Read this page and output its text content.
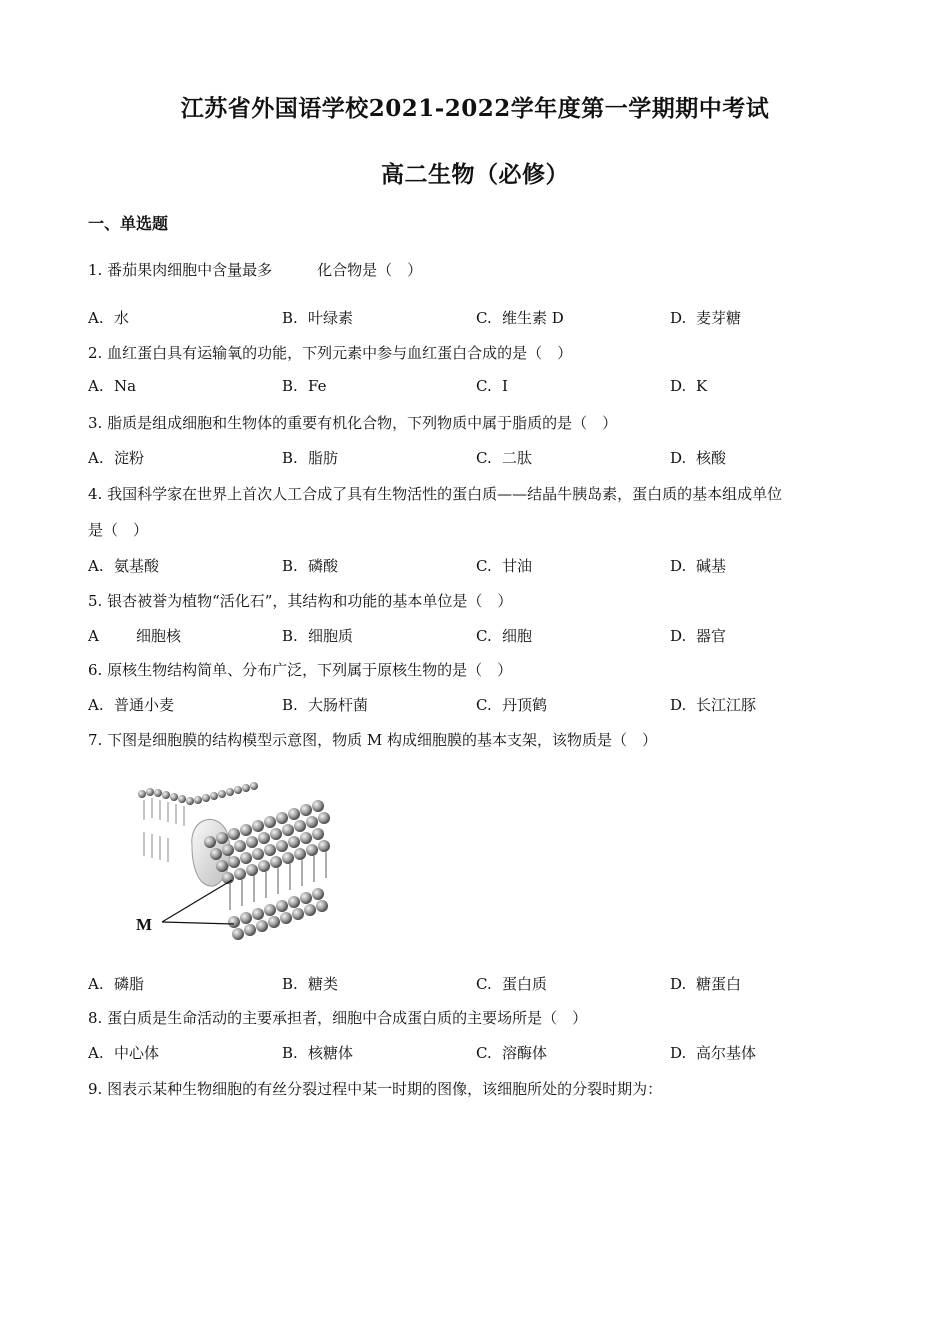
江苏省外国语学校2021-2022学年度第一学期期中考试
高二生物（必修）
一、单选题
1. 番茄果肉细胞中含量最多　　　化合物是（　）
A. 水	B. 叶绿素	C. 维生素 D	D. 麦芽糖
2. 血红蛋白具有运输氧的功能，下列元素中参与血红蛋白合成的是（　）
A. Na	B. Fe	C. I	D. K
3. 脂质是组成细胞和生物体的重要有机化合物，下列物质中属于脂质的是（　）
A. 淀粉	B. 脂肪	C. 二肽	D. 核酸
4. 我国科学家在世界上首次人工合成了具有生物活性的蛋白质——结晶牛胰岛素，蛋白质的基本组成单位
是（　）
A. 氨基酸	B. 磷酸	C. 甘油	D. 碱基
5. 银杏被誉为植物“活化石”，其结构和功能的基本单位是（　）
A 细胞核	B. 细胞质	C. 细胞	D. 器官
6. 原核生物结构简单、分布广泛，下列属于原核生物的是（　）
A. 普通小麦	B. 大肠杆菌	C. 丹顶鹤	D. 长江江豚
7. 下图是细胞膜的结构模型示意图，物质 M 构成细胞膜的基本支架，该物质是（　）
M
A. 磷脂	B. 糖类	C. 蛋白质	D. 糖蛋白
8. 蛋白质是生命活动的主要承担者，细胞中合成蛋白质的主要场所是（　）
A. 中心体	B. 核糖体	C. 溶酶体	D. 高尔基体
9. 图表示某种生物细胞的有丝分裂过程中某一时期的图像，该细胞所处的分裂时期为：
